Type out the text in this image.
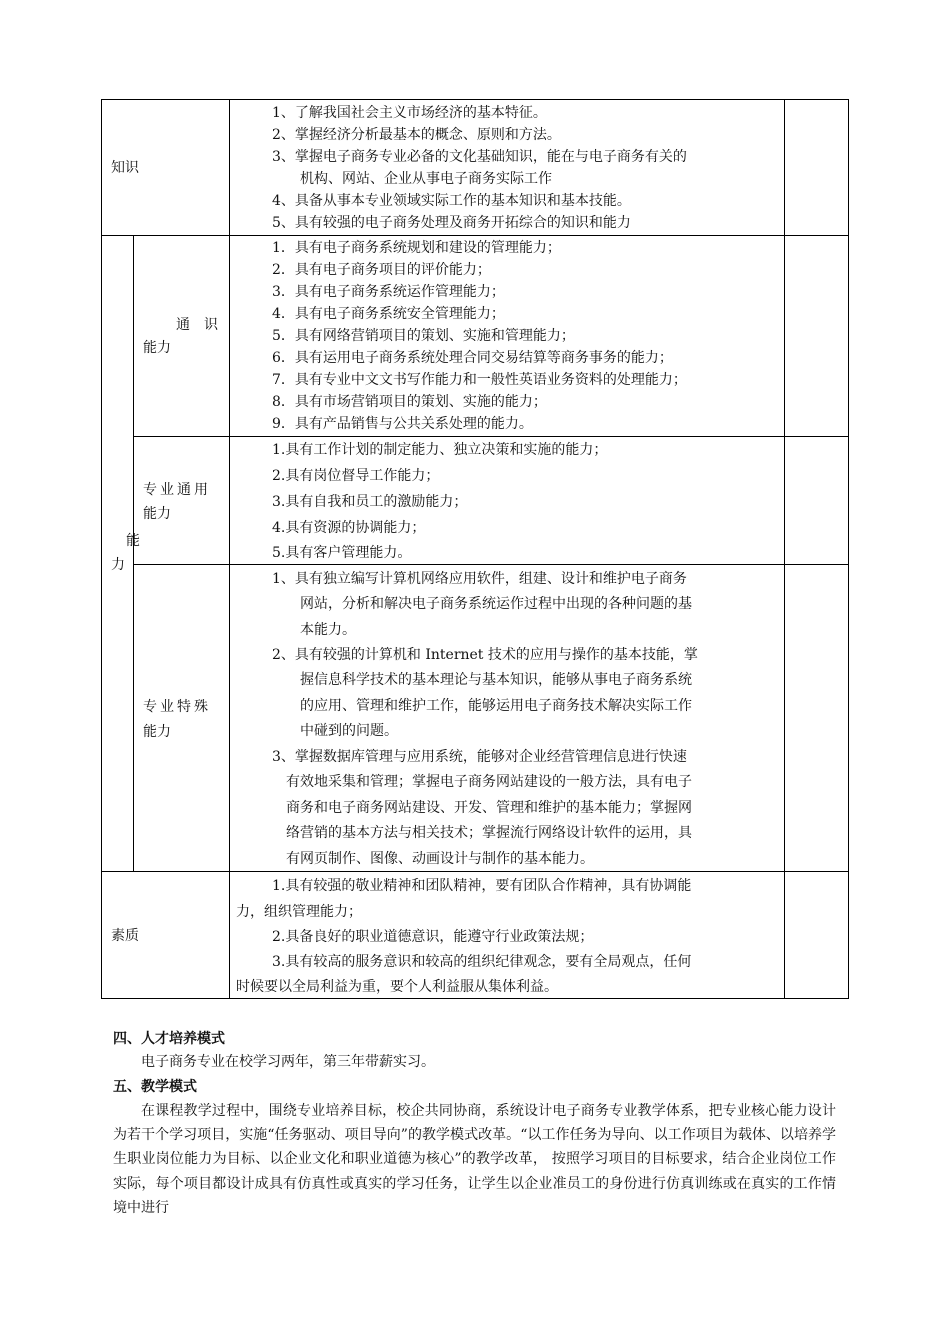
知识
1、了解我国社会主义市场经济的基本特征。
2、掌握经济分析最基本的概念、原则和方法。
3、掌握电子商务专业必备的文化基础知识，能在与电子商务有关的
机构、网站、企业从事电子商务实际工作
4、具备从事本专业领域实际工作的基本知识和基本技能。
5、具有较强的电子商务处理及商务开拓综合的知识和能力
能
力
通　识
能力
1．具有电子商务系统规划和建设的管理能力；
2．具有电子商务项目的评价能力；
3．具有电子商务系统运作管理能力；
4．具有电子商务系统安全管理能力；
5．具有网络营销项目的策划、实施和管理能力；
6．具有运用电子商务系统处理合同交易结算等商务事务的能力；
7．具有专业中文文书写作能力和一般性英语业务资料的处理能力；
8．具有市场营销项目的策划、实施的能力；
9．具有产品销售与公共关系处理的能力。
专业通用
能力
1.具有工作计划的制定能力、独立决策和实施的能力；
2.具有岗位督导工作能力；
3.具有自我和员工的激励能力；
4.具有资源的协调能力；
5.具有客户管理能力。
专业特殊
能力
1、具有独立编写计算机网络应用软件，组建、设计和维护电子商务
网站，分析和解决电子商务系统运作过程中出现的各种问题的基
本能力。
2、具有较强的计算机和 Internet 技术的应用与操作的基本技能，掌
握信息科学技术的基本理论与基本知识，能够从事电子商务系统
的应用、管理和维护工作，能够运用电子商务技术解决实际工作
中碰到的问题。
3、掌握数据库管理与应用系统，能够对企业经营管理信息进行快速
有效地采集和管理；掌握电子商务网站建设的一般方法，具有电子
商务和电子商务网站建设、开发、管理和维护的基本能力；掌握网
络营销的基本方法与相关技术；掌握流行网络设计软件的运用，具
有网页制作、图像、动画设计与制作的基本能力。
素质
1.具有较强的敬业精神和团队精神，要有团队合作精神，具有协调能
力，组织管理能力；
2.具备良好的职业道德意识，能遵守行业政策法规；
3.具有较高的服务意识和较高的组织纪律观念，要有全局观点，任何
时候要以全局利益为重，要个人利益服从集体利益。
四、人才培养模式
电子商务专业在校学习两年，第三年带薪实习。
五、教学模式
在课程教学过程中，围绕专业培养目标，校企共同协商，系统设计电子商务专业教学体系，把专业核心能力设计为若干个学习项目，实施“任务驱动、项目导向”的教学模式改革。“以工作任务为导向、以工作项目为载体、以培养学生职业岗位能力为目标、以企业文化和职业道德为核心”的教学改革， 按照学习项目的目标要求，结合企业岗位工作实际，每个项目都设计成具有仿真性或真实的学习任务，让学生以企业准员工的身份进行仿真训练或在真实的工作情境中进行
